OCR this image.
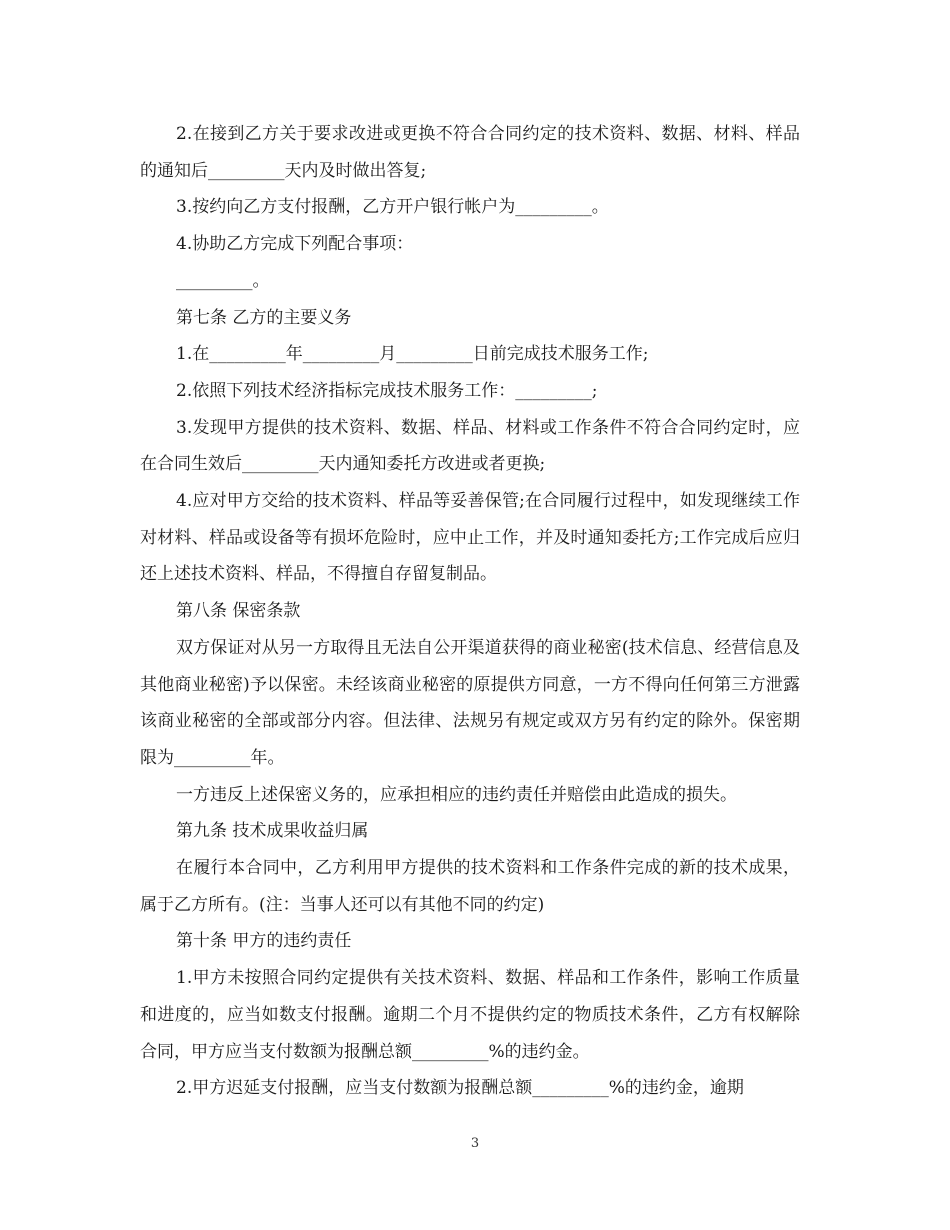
2.在接到乙方关于要求改进或更换不符合合同约定的技术资料、数据、材料、样品的通知后_________天内及时做出答复;

3.按约向乙方支付报酬，乙方开户银行帐户为_________。

4.协助乙方完成下列配合事项：

_________。

第七条 乙方的主要义务

1.在_________年_________月_________日前完成技术服务工作;

2.依照下列技术经济指标完成技术服务工作：_________;

3.发现甲方提供的技术资料、数据、样品、材料或工作条件不符合合同约定时，应在合同生效后_________天内通知委托方改进或者更换;

4.应对甲方交给的技术资料、样品等妥善保管;在合同履行过程中，如发现继续工作对材料、样品或设备等有损坏危险时，应中止工作，并及时通知委托方;工作完成后应归还上述技术资料、样品，不得擅自存留复制品。

第八条 保密条款

双方保证对从另一方取得且无法自公开渠道获得的商业秘密(技术信息、经营信息及其他商业秘密)予以保密。未经该商业秘密的原提供方同意，一方不得向任何第三方泄露该商业秘密的全部或部分内容。但法律、法规另有规定或双方另有约定的除外。保密期限为_________年。

一方违反上述保密义务的，应承担相应的违约责任并赔偿由此造成的损失。

第九条 技术成果收益归属

在履行本合同中，乙方利用甲方提供的技术资料和工作条件完成的新的技术成果，属于乙方所有。(注：当事人还可以有其他不同的约定)

第十条 甲方的违约责任

1.甲方未按照合同约定提供有关技术资料、数据、样品和工作条件，影响工作质量和进度的，应当如数支付报酬。逾期二个月不提供约定的物质技术条件，乙方有权解除合同，甲方应当支付数额为报酬总额_________%的违约金。

2.甲方迟延支付报酬，应当支付数额为报酬总额_________%的违约金，逾期

3
